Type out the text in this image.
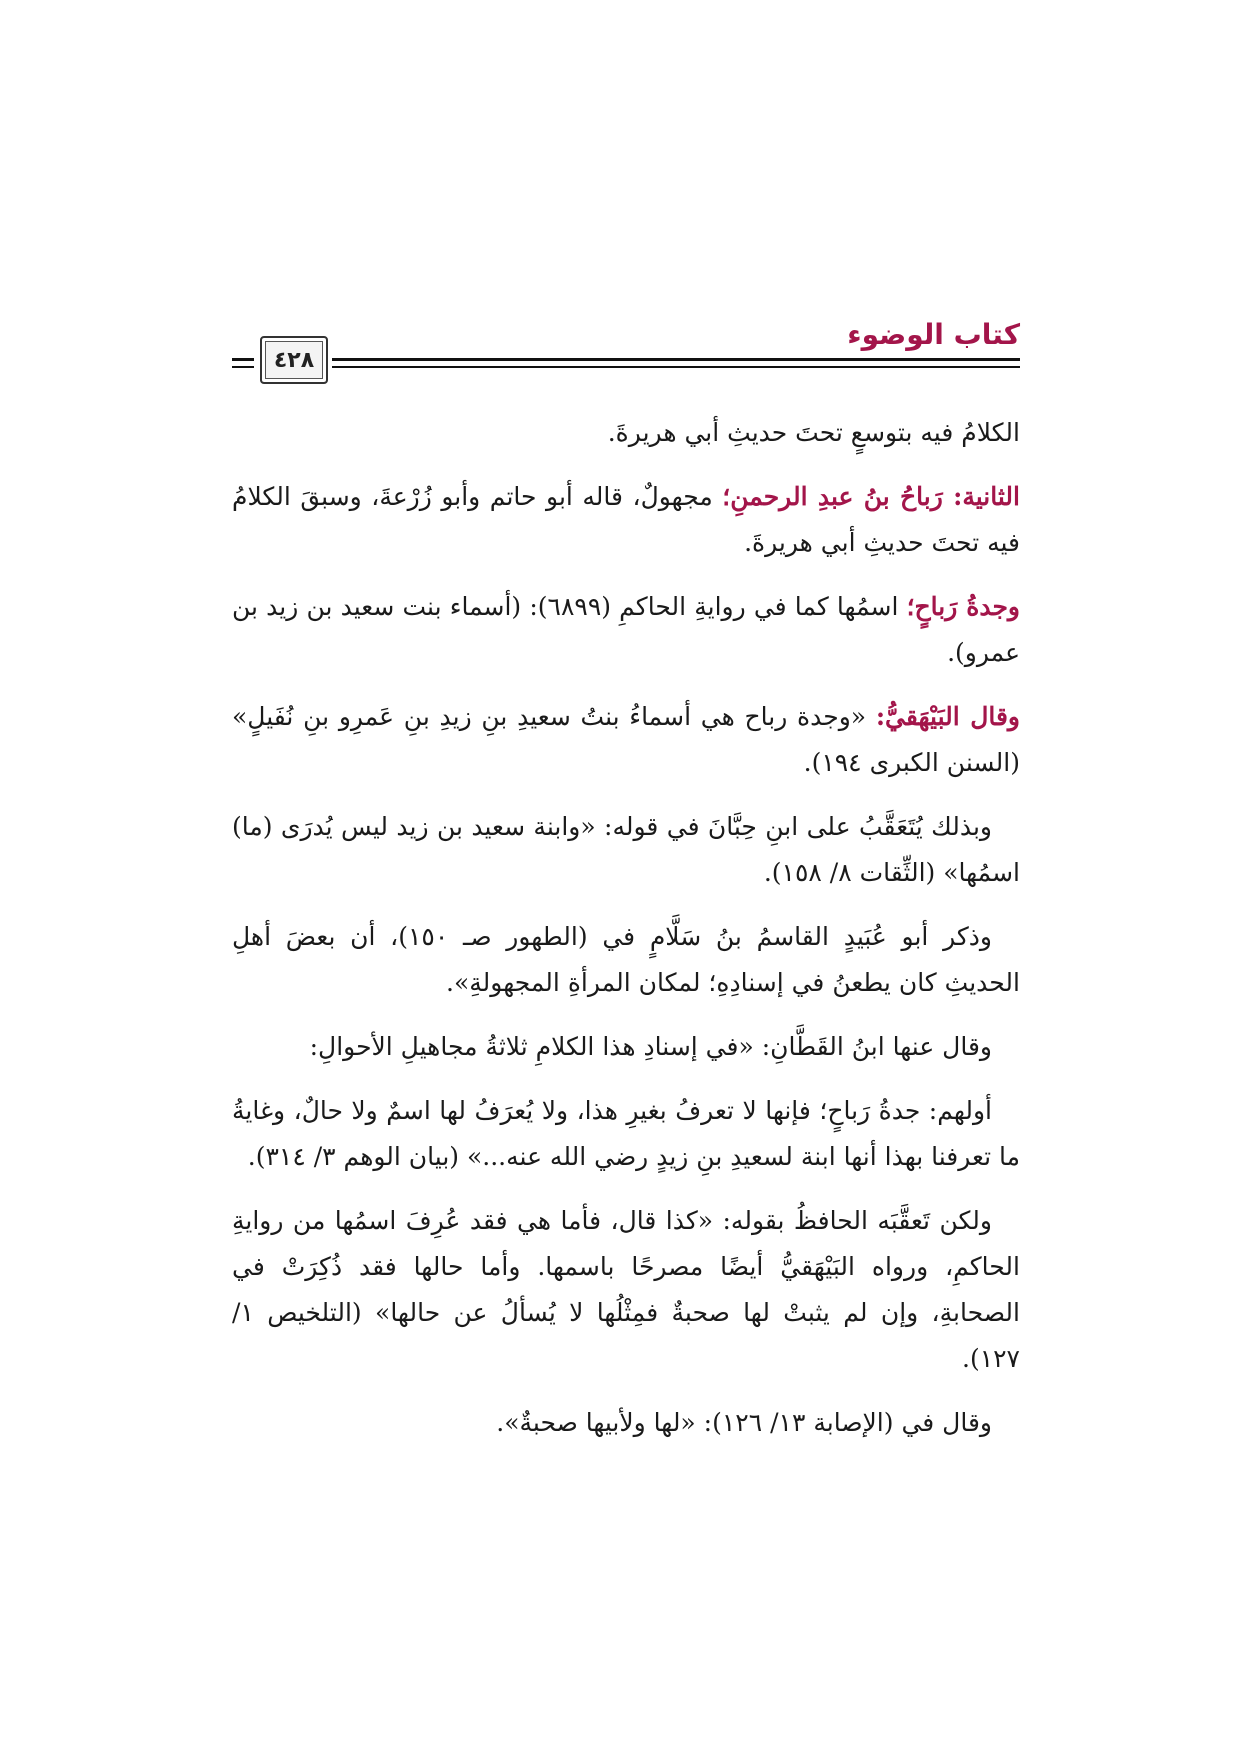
كتاب الوضوء
٤٢٨

الكلامُ فيه بتوسعٍ تحتَ حديثِ أبي هريرةَ.

الثانية: رَباحُ بنُ عبدِ الرحمنِ؛ مجهولٌ، قاله أبو حاتم وأبو زُرْعةَ، وسبقَ الكلامُ فيه تحتَ حديثِ أبي هريرةَ.

وجدةُ رَباحٍ؛ اسمُها كما في روايةِ الحاكمِ (٦٨٩٩): (أسماء بنت سعيد بن زيد بن عمرو).

وقال البَيْهَقيُّ: «وجدة رباح هي أسماءُ بنتُ سعيدِ بنِ زيدِ بنِ عَمرِو بنِ نُفَيلٍ» (السنن الكبرى ١٩٤).

وبذلك يُتَعَقَّبُ على ابنِ حِبَّانَ في قوله: «وابنة سعيد بن زيد ليس يُدرَى (ما) اسمُها» (الثِّقات ٨/ ١٥٨).

وذكر أبو عُبَيدٍ القاسمُ بنُ سَلَّامٍ في (الطهور صـ ١٥٠)، أن بعضَ أهلِ الحديثِ كان يطعنُ في إسنادِهِ؛ لمكان المرأةِ المجهولةِ».

وقال عنها ابنُ القَطَّانِ: «في إسنادِ هذا الكلامِ ثلاثةُ مجاهيلِ الأحوالِ:

أولهم: جدةُ رَباحٍ؛ فإنها لا تعرفُ بغيرِ هذا، ولا يُعرَفُ لها اسمٌ ولا حالٌ، وغايةُ ما تعرفنا بهذا أنها ابنة لسعيدِ بنِ زيدٍ رضي الله عنه...» (بيان الوهم ٣/ ٣١٤).

ولكن تَعقَّبَه الحافظُ بقوله: «كذا قال، فأما هي فقد عُرِفَ اسمُها من روايةِ الحاكمِ، ورواه البَيْهَقيُّ أيضًا مصرحًا باسمها. وأما حالها فقد ذُكِرَتْ في الصحابةِ، وإن لم يثبتْ لها صحبةٌ فمِثْلُها لا يُسألُ عن حالها» (التلخيص ١/ ١٢٧).

وقال في (الإصابة ١٣/ ١٢٦): «لها ولأبيها صحبةٌ».
